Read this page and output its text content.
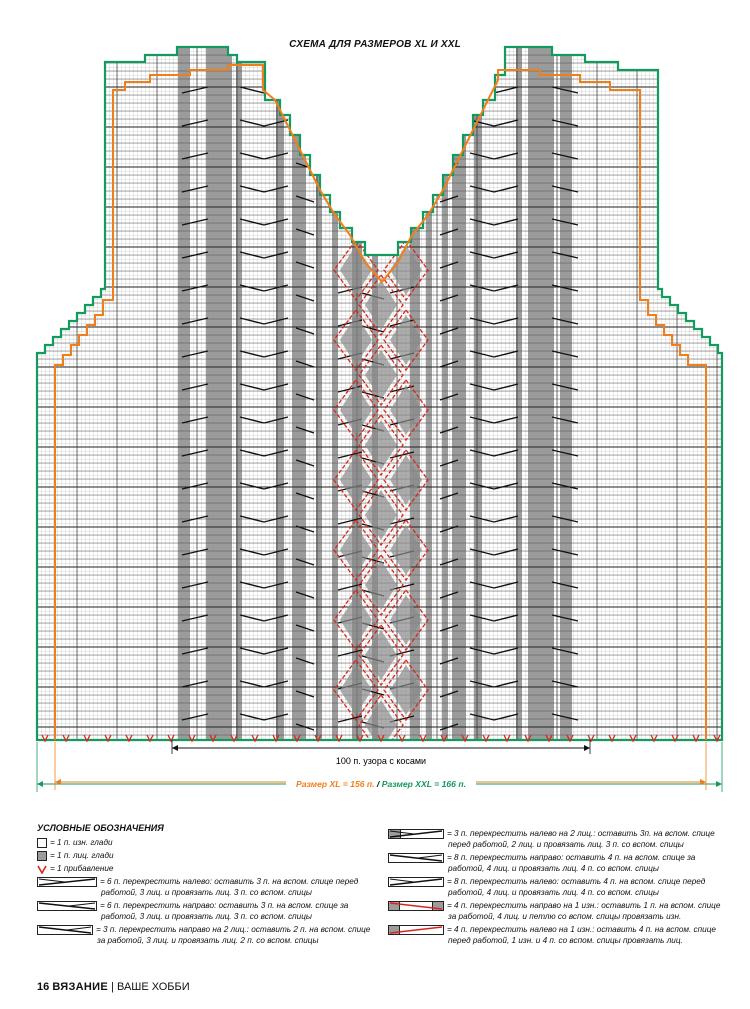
СХЕМА ДЛЯ РАЗМЕРОВ XL И XXL
100 п. узора с косами
Размер XL = 156 п. / Размер XXL = 166 п.
УСЛОВНЫЕ ОБОЗНАЧЕНИЯ
= 1 п. изн. глади
= 1 п. лиц. глади
= 1 прибавление
= 6 п. перекрестить налево: оставить 3 п. на вспом. спице перед работой, 3 лиц. и провязать лиц. 3 п. со вспом. спицы
= 6 п. перекрестить направо: оставить 3 п. на вспом. спице за работой, 3 лиц. и провязать лиц. 3 п. со вспом. спицы
= 3 п. перекрестить направо на 2 лиц.: оставить 2 п. на вспом. спице за работой, 3 лиц. и провязать лиц. 2 п. со вспом. спицы
= 3 п. перекрестить налево на 2 лиц.: оставить 3п. на вспом. спице перед работой, 2 лиц. и провязать лиц. 3 п. со вспом. спицы
= 8 п. перекрестить направо: оставить 4 п. на вспом. спице за работой, 4 лиц. и провязать лиц. 4 п. со вспом. спицы
= 8 п. перекрестить налево: оставить 4 п. на вспом. спице перед работой, 4 лиц. и провязать лиц. 4 п. со вспом. спицы
= 4 п. перекрестить направо на 1 изн.: оставить 1 п. на вспом. спице за работой, 4 лиц. и петлю со вспом. спицы провязать изн.
= 4 п. перекрестить налево на 1 изн.: оставить 4 п. на вспом. спице перед работой, 1 изн. и 4 п. со вспом. спицы провязать лиц.
16 ВЯЗАНИЕ | ВАШЕ ХОББИ
